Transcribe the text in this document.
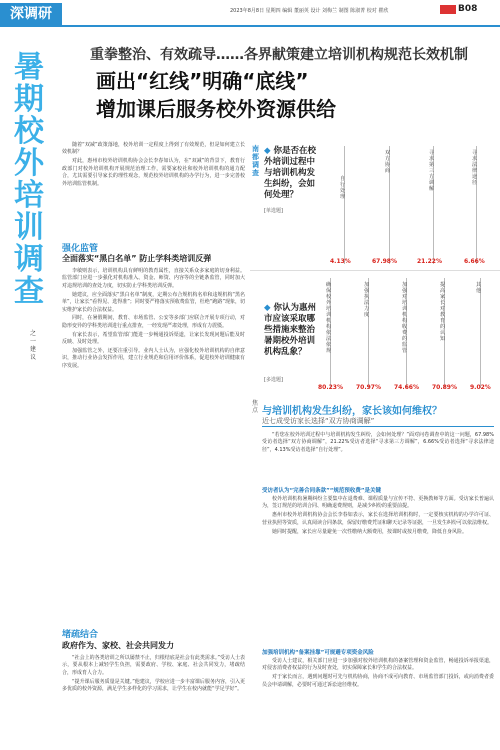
深调研	2023年8月8日 星期四 编辑 董丽英 设计 刘梅兰 制图 陈淑菁 校对 瞿欣	B08
暑期校外培训调查
之一 建议
重拳整治、有效疏导……各界献策建立培训机构规范长效机制
画出“红线”明确“底线”
增加课后服务校外资源供给

随着“双减”政策落地，校外培训一定程度上得到了有效规范，但是如何建立长效机制？

对此，惠州市校外培训机构协会会长李春如认为，在“双减”的背景下，教育行政部门对校外培训机构开展规范治理工作，需要家校社和校外培训机构的通力配合，尤其需要引导家长的理性观念，规范校外培训机构的办学行为，进一步完善校外培训监管机制。

强化监管
全面落实“黑白名单” 防止学科类培训反弹

李敏则表示，培训机构具有鲜明的教育属性，直接关系众多家庭的切身利益。监管部门应进一步强化对机构准入、资金、师资、内容等的全链条监管，同时加大对违规培训的查处力度，切实防止学科类培训反弹。

她建议，应全面落实“黑白名单”制度，定期公布合规机构名单和违规机构“黑名单”，让家长“看得见、选得准”；同时要严格落实预收费监管，杜绝“跑路”现象，切实维护家长的合法权益。

同时，在暑假期间，教育、市场监管、公安等多部门应联合开展专项行动，对隐形变异的学科类培训进行重点排查，一经发现严肃处理，形成有力震慑。

有家长表示，希望监管部门能进一步畅通投诉渠道，让家长发现问题后能及时反映、及时处理。

加强监管之外，还要注重引导。业内人士认为，应强化校外培训机构的自律意识，推动行业协会发挥作用，建立行业规范和信用评价体系，促进校外培训健康有序发展。

堵疏结合
政府作为、家校、社会共同发力

“社会上的各类培训之所以屡禁不止，归根结底是社会有此类需求。”受访人士表示，要从根本上减轻学生负担，需要政府、学校、家庭、社会共同发力，堵疏结合，形成育人合力。

“提升课后服务质量是关键。”他建议，学校应进一步丰富课后服务内容，引入更多优质的校外资源，满足学生多样化的学习需求，让学生在校内就能“学足学好”。

南都调查
◆ 你是否在校外培训过程中与培训机构发生纠纷，会如何处理？
[单选题]
自行处理
4.13%
双方协商
67.98%
寻求第三方调解
21.22%
寻求法律途径
6.66%
◆ 你认为惠州市应该采取哪些措施来整治暑期校外培训机构乱象？
[多选题]
确保校外培训机构依法依规
80.23%
加强执法力度
70.97%
加强对培训机构收费的监管
74.66%
提高家长对教育的认知
70.89%
其他
9.02%
焦点 与培训机构发生纠纷，家长该如何维权？
近七成受访家长选择“双方协商调解”

“若您在校外培训过程中与培训机构发生纠纷，会如何处理？”面对问卷调查中的这一问题，67.98%受访者选择“双方协商调解”，21.22%受访者选择“寻求第三方调解”，6.66%受访者选择“寻求法律途径”，4.13%受访者选择“自行处理”。

受访者认为“完善合同条款”“规范预收费”是关键

校外培训机构暑期纠纷主要集中在退费难、课程质量与宣传不符、更换教师等方面。受访家长普遍认为，签订规范的培训合同、明确退费规则，是减少纠纷的重要前提。

惠州市校外培训机构协会会长李春如表示，家长在选择培训机构时，一定要核实机构的办学许可证、营业执照等资质，认真阅读合同条款，保留好缴费凭证和聊天记录等证据，一旦发生纠纷可以依法维权。

她同时提醒，家长应尽量避免一次性缴纳大额费用，按课时或按月缴费，降低自身风险。

加强培训机构“备案挂靠”可规避专项资金风险

受访人士建议，相关部门应进一步加强对校外培训机构的备案管理和资金监管，畅通投诉举报渠道，对侵害消费者权益的行为及时查处，切实保障家长和学生的合法权益。

对于家长而言，遇到问题时可先与机构协商，协商不成可向教育、市场监管部门投诉，或向消费者委员会申请调解，必要时可通过诉讼途径维权。
